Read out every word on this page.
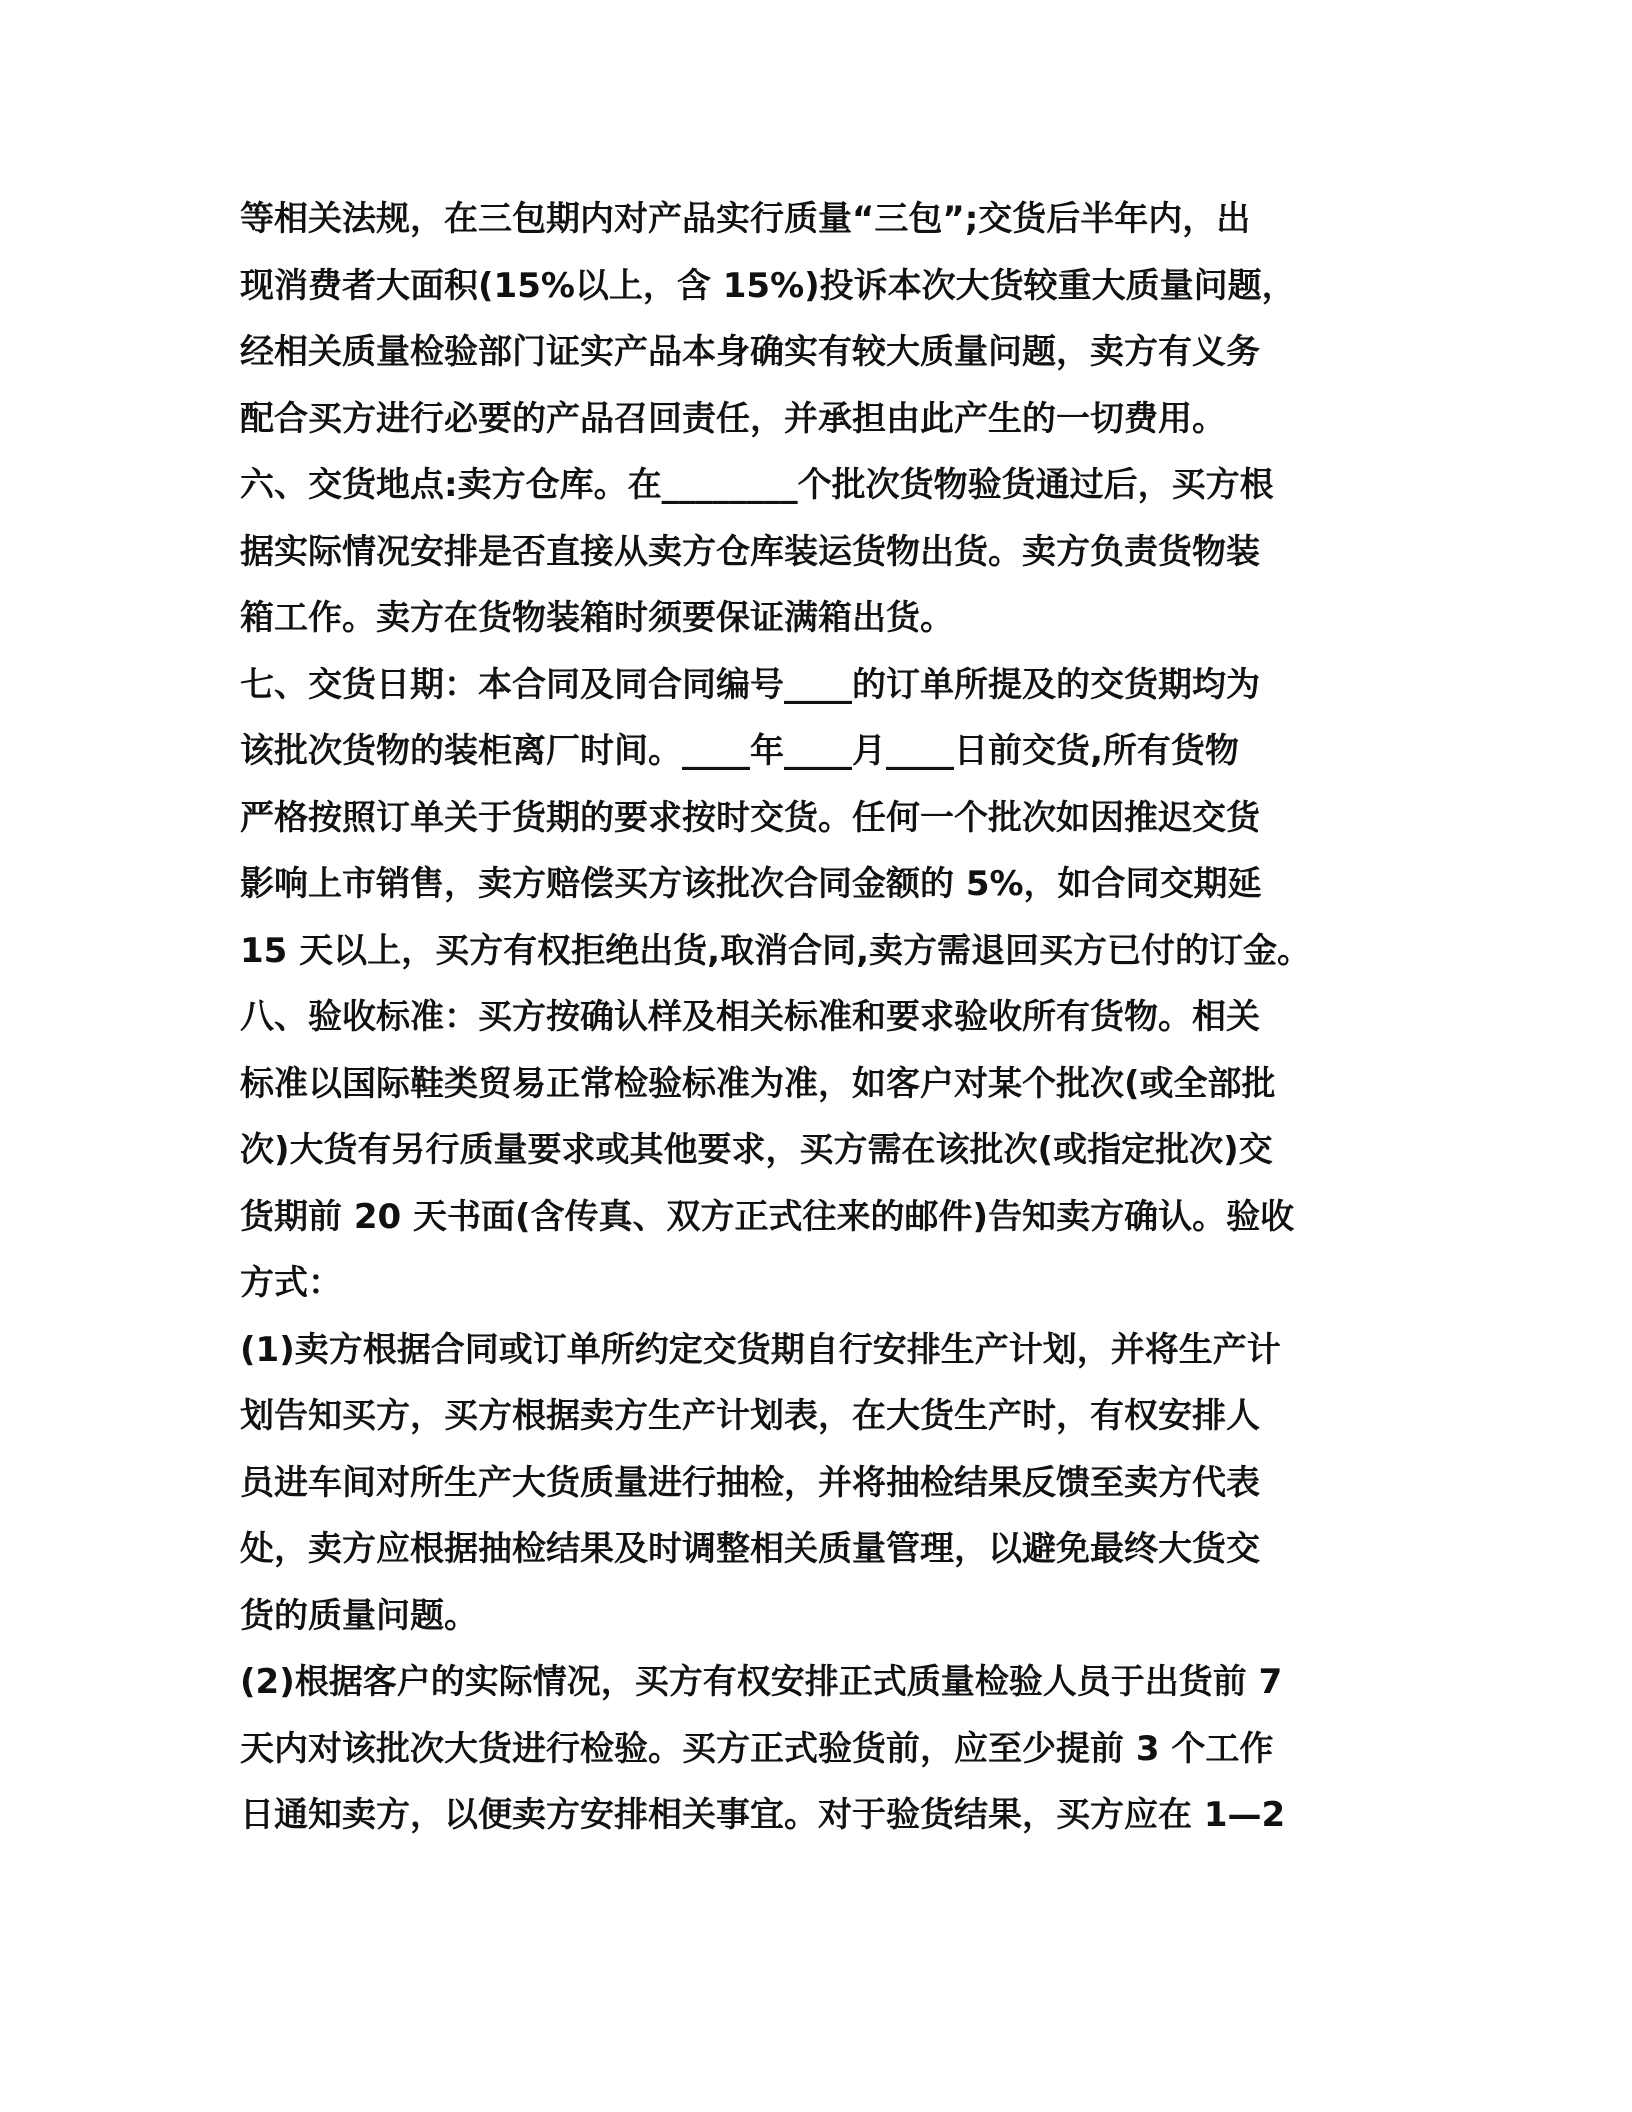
等相关法规，在三包期内对产品实行质量“三包”;交货后半年内，出
现消费者大面积(15%以上，含 15%)投诉本次大货较重大质量问题，
经相关质量检验部门证实产品本身确实有较大质量问题，卖方有义务
配合买方进行必要的产品召回责任，并承担由此产生的一切费用。
六、交货地点:卖方仓库。在________个批次货物验货通过后，买方根
据实际情况安排是否直接从卖方仓库装运货物出货。卖方负责货物装
箱工作。卖方在货物装箱时须要保证满箱出货。
七、交货日期：本合同及同合同编号____的订单所提及的交货期均为
该批次货物的装柜离厂时间。____年____月____日前交货,所有货物
严格按照订单关于货期的要求按时交货。任何一个批次如因推迟交货
影响上市销售，卖方赔偿买方该批次合同金额的 5%，如合同交期延
15 天以上，买方有权拒绝出货,取消合同,卖方需退回买方已付的订金。
八、验收标准：买方按确认样及相关标准和要求验收所有货物。相关
标准以国际鞋类贸易正常检验标准为准，如客户对某个批次(或全部批
次)大货有另行质量要求或其他要求，买方需在该批次(或指定批次)交
货期前 20 天书面(含传真、双方正式往来的邮件)告知卖方确认。验收
方式：
(1)卖方根据合同或订单所约定交货期自行安排生产计划，并将生产计
划告知买方，买方根据卖方生产计划表，在大货生产时，有权安排人
员进车间对所生产大货质量进行抽检，并将抽检结果反馈至卖方代表
处，卖方应根据抽检结果及时调整相关质量管理，以避免最终大货交
货的质量问题。
(2)根据客户的实际情况，买方有权安排正式质量检验人员于出货前 7
天内对该批次大货进行检验。买方正式验货前，应至少提前 3 个工作
日通知卖方，以便卖方安排相关事宜。对于验货结果，买方应在 1—2
